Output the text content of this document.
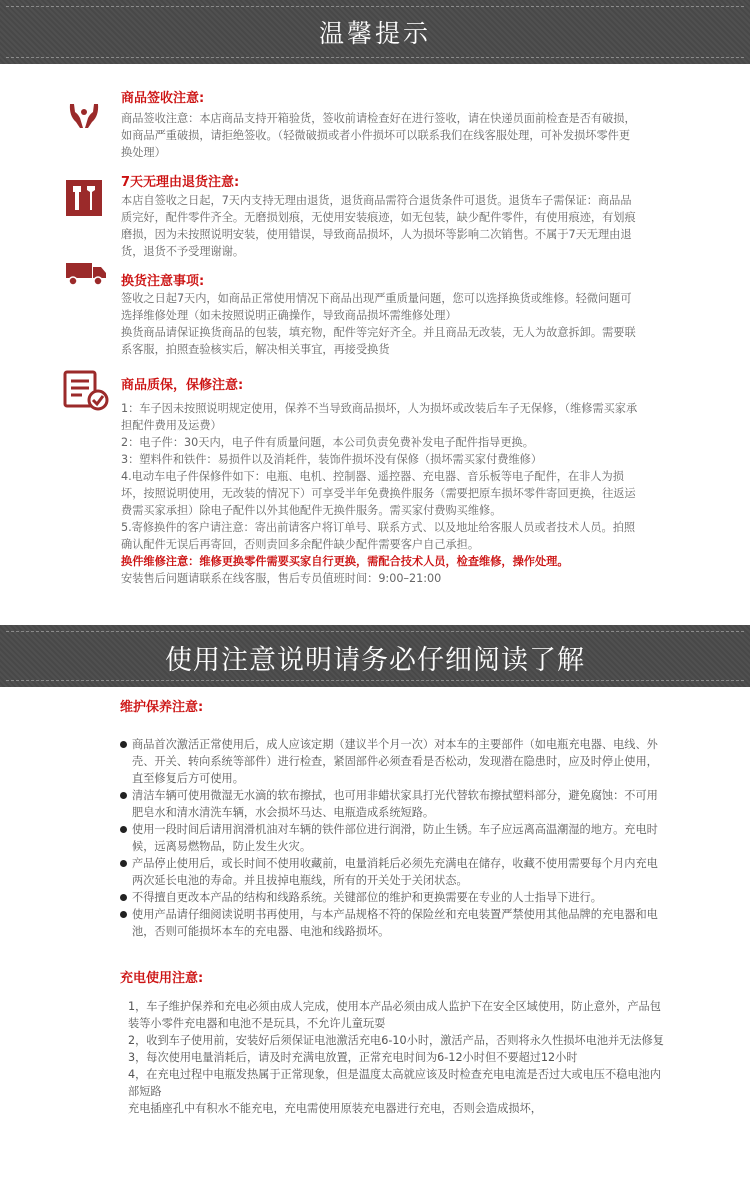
温馨提示
商品签收注意:

商品签收注意：本店商品支持开箱验货，签收前请检查好在进行签收，请在快递员面前检查是否有破损，如商品严重破损，请拒绝签收。（轻微破损或者小件损坏可以联系我们在线客服处理，可补发损坏零件更换处理）

7天无理由退货注意:

本店自签收之日起，7天内支持无理由退货，退货商品需符合退货条件可退货。退货车子需保证：商品品质完好，配件零件齐全。无磨损划痕，无使用安装痕迹，如无包装，缺少配件零件，有使用痕迹，有划痕磨损，因为未按照说明安装，使用错误，导致商品损坏，人为损坏等影响二次销售。不属于7天无理由退货，退货不予受理谢谢。

换货注意事项:

签收之日起7天内，如商品正常使用情况下商品出现严重质量问题，您可以选择换货或维修。轻微问题可选择维修处理（如未按照说明正确操作，导致商品损坏需维修处理）

换货商品请保证换货商品的包装，填充物，配件等完好齐全。并且商品无改装，无人为故意拆卸。需要联系客服，拍照查验核实后，解决相关事宜，再接受换货

商品质保，保修注意:

1：车子因未按照说明规定使用，保养不当导致商品损坏，人为损坏或改装后车子无保修，（维修需买家承担配件费用及运费）

2：电子件：30天内，电子件有质量问题，本公司负责免费补发电子配件指导更换。

3：塑料件和铁件：易损件以及消耗件，装饰件损坏没有保修（损坏需买家付费维修）

4.电动车电子件保修件如下：电瓶、电机、控制器、遥控器、充电器、音乐板等电子配件，在非人为损坏，按照说明使用，无改装的情况下）可享受半年免费换件服务（需要把原车损坏零件寄回更换，往返运费需买家承担）除电子配件以外其他配件无换件服务。需买家付费购买维修。

5.寄修换件的客户请注意：寄出前请客户将订单号、联系方式、以及地址给客服人员或者技术人员。拍照确认配件无误后再寄回，否则责回多余配件缺少配件需要客户自己承担。

换件维修注意：维修更换零件需要买家自行更换，需配合技术人员，检查维修，操作处理。

安装售后问题请联系在线客服，售后专员值班时间：9:00–21:00

使用注意说明请务必仔细阅读了解
维护保养注意:

商品首次激活正常使用后，成人应该定期（建议半个月一次）对本车的主要部件（如电瓶充电器、电线、外壳、开关、转向系统等部件）进行检查，紧固部件必须查看是否松动，发现潜在隐患时，应及时停止使用，直至修复后方可使用。

清洁车辆可使用微湿无水滴的软布擦拭，也可用非蜡状家具打光代替软布擦拭塑料部分，避免腐蚀：不可用肥皂水和清水清洗车辆，水会损坏马达、电瓶造成系统短路。

使用一段时间后请用润滑机油对车辆的铁件部位进行润滑，防止生锈。车子应远离高温潮湿的地方。充电时候，远离易燃物品，防止发生火灾。

产品停止使用后，或长时间不使用收藏前，电量消耗后必须先充满电在储存，收藏不使用需要每个月内充电两次延长电池的寿命。并且拔掉电瓶线，所有的开关处于关闭状态。

不得擅自更改本产品的结构和线路系统。关键部位的维护和更换需要在专业的人士指导下进行。

使用产品请仔细阅读说明书再使用，与本产品规格不符的保险丝和充电装置严禁使用其他品牌的充电器和电池，否则可能损坏本车的充电器、电池和线路损坏。

充电使用注意:

1，车子维护保养和充电必须由成人完成，使用本产品必须由成人监护下在安全区域使用，防止意外，产品包装等小零件充电器和电池不是玩具，不允许儿童玩耍

2，收到车子使用前，安装好后须保证电池激活充电6-10小时，激活产品，否则将永久性损坏电池并无法修复

3，每次使用电量消耗后，请及时充满电放置，正常充电时间为6-12小时但不要超过12小时

4，在充电过程中电瓶发热属于正常现象，但是温度太高就应该及时检查充电电流是否过大或电压不稳电池内部短路

充电插座孔中有积水不能充电，充电需使用原装充电器进行充电，否则会造成损坏，
